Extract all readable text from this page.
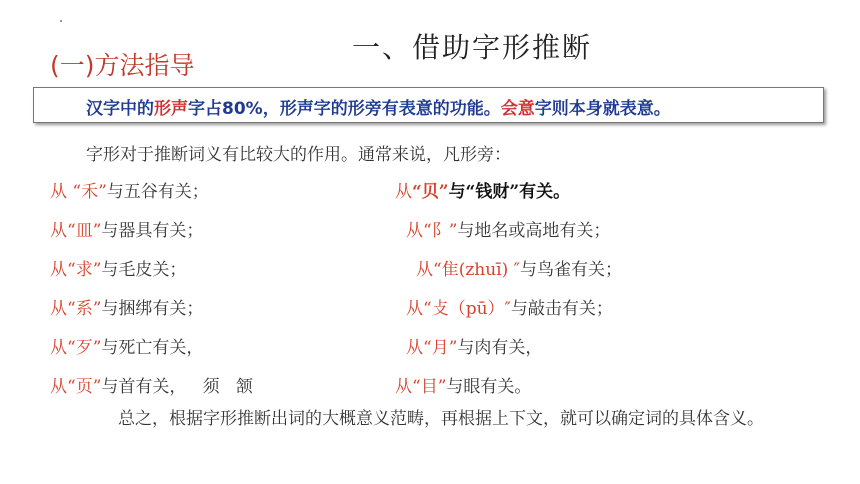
一、借助字形推断
(一)方法指导
汉字中的形声字占80%，形声字的形旁有表意的功能。会意字则本身就表意。
字形对于推断词义有比较大的作用。通常来说，凡形旁：
从 “禾”与五谷有关；
从“皿”与器具有关；
从“求”与毛皮关；
从“系”与捆绑有关；
从“歹”与死亡有关，
从“页”与首有关，   须   颔
从“贝”与“钱财”有关。
从“阝”与地名或高地有关；
从“隹(zhuī) ″与鸟雀有关；
从“攴（pū）″与敲击有关；
从“月”与肉有关，
从“目”与眼有关。
总之，根据字形推断出词的大概意义范畴，再根据上下文，就可以确定词的具体含义。
